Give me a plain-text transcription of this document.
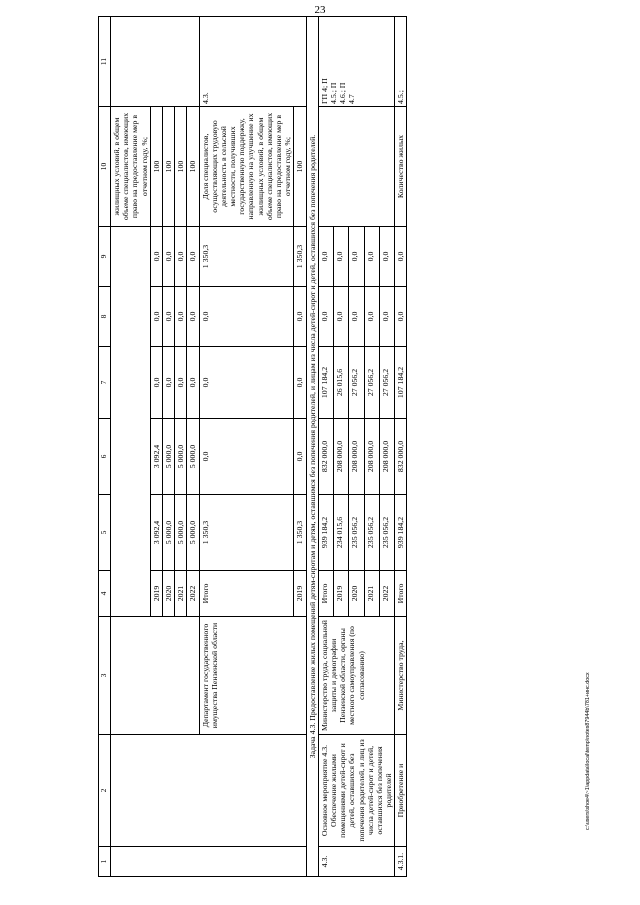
23
1	2	3	4	5	6	7	8	9	10	11
									жилищных условий, в общем объеме специалистов, имеющих право на предоставление мер в отчетном году, %;	
			2019	3 092,4	3 092,4	0,0	0,0	0,0	100	
			2020	5 000,0	5 000,0	0,0	0,0	0,0	100	
			2021	5 000,0	5 000,0	0,0	0,0	0,0	100	
			2022	5 000,0	5 000,0	0,0	0,0	0,0	100	
		Департамент государственного имущества Пензенской области	Итого	1 350,3	0,0	0,0	0,0	1 350,3	Доля специалистов, осуществляющих трудовую деятельность в сельской местности, получивших государственную поддержку, направленную на улучшение их жилищных условий, в общем объеме специалистов, имеющих право на предоставление мер в отчетном году, %;	4.3.
			2019	1 350,3	0,0	0,0	0,0	1 350,3	100	
Задача 4.3. Предоставление жилых помещений детям-сиротам и детям, оставшимся без попечения родителей, и лицам из числа детей-сирот и детей, оставшихся без попечения родителей.										
4.3.	Основное мероприятие 4.3. Обеспечение жилыми помещениями детей-сирот и детей, оставшихся без попечения родителей, и лиц из числа детей-сирот и детей, оставшихся без попечения родителей	Министерство труда, социальной защиты и демографии Пензенской области, органы местного самоуправления (по согласованию)	Итого	939 184,2	832 000,0	107 184,2	0,0	0,0		ГП 4; П 4.5.; П 4.6.; П 4.7

			2019	234 015,6	208 000,0	26 015,6	0,0	0,0		
			2020	235 056,2	208 000,0	27 056,2	0,0	0,0		
			2021	235 056,2	208 000,0	27 056,2	0,0	0,0		
			2022	235 056,2	208 000,0	27 056,2	0,0	0,0		
4.3.1.	Приобретение и	Министерство труда,	Итого	939 184,2	832 000,0	107 184,2	0,0	0,0	Количество жилых	4.5.;
c:\users\shoe4\~1\appdata\local\temp\notes87944b\781+инс.docx
